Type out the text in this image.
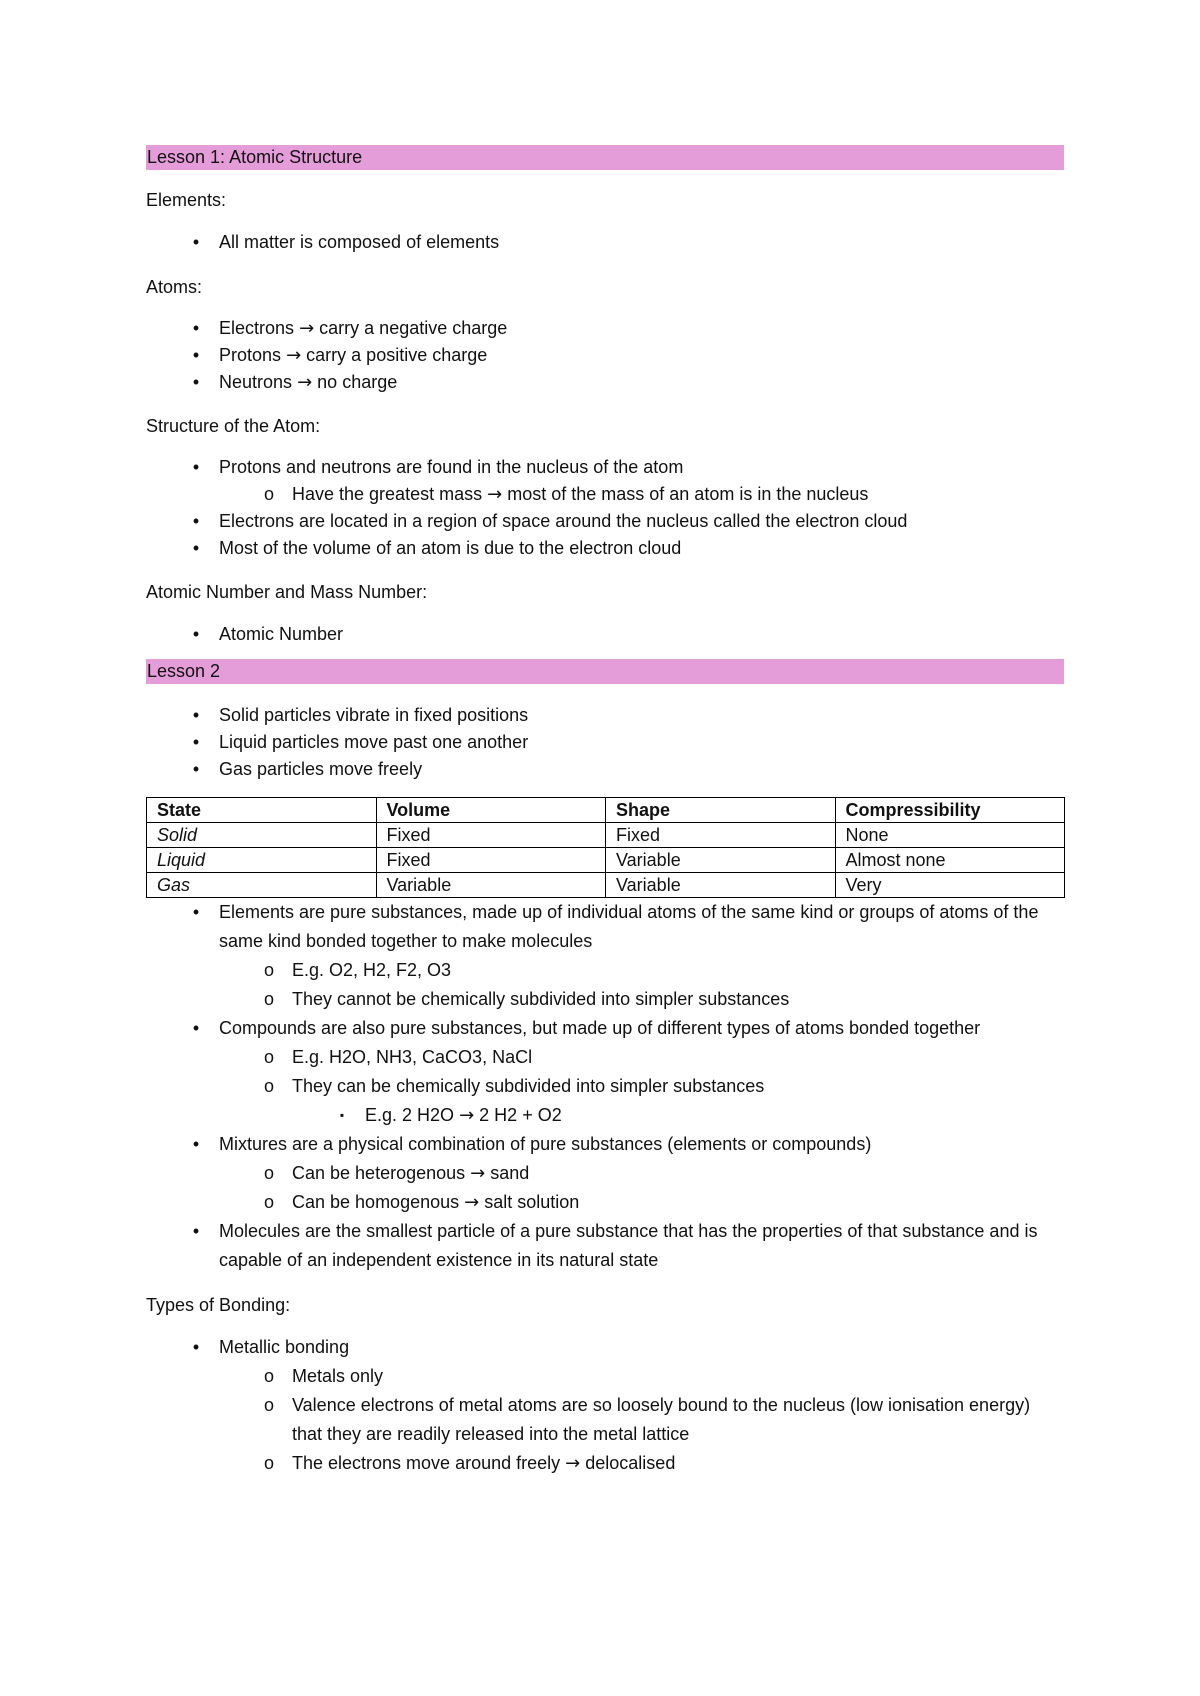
Lesson 1: Atomic Structure
Elements:
•	All matter is composed of elements
Atoms:
•	Electrons → carry a negative charge
•	Protons → carry a positive charge
•	Neutrons → no charge
Structure of the Atom:
•	Protons and neutrons are found in the nucleus of the atom
o Have the greatest mass → most of the mass of an atom is in the nucleus
•	Electrons are located in a region of space around the nucleus called the electron cloud
•	Most of the volume of an atom is due to the electron cloud
Atomic Number and Mass Number:
•	Atomic Number
Lesson 2
•	Solid particles vibrate in fixed positions
•	Liquid particles move past one another
•	Gas particles move freely
State	Volume	Shape	Compressibility
Solid	Fixed	Fixed	None
Liquid	Fixed	Variable	Almost none
Gas	Variable	Variable	Very
•	Elements are pure substances, made up of individual atoms of the same kind or groups of atoms of the same kind bonded together to make molecules
o E.g. O2, H2, F2, O3
o They cannot be chemically subdivided into simpler substances
•	Compounds are also pure substances, but made up of different types of atoms bonded together
o E.g. H2O, NH3, CaCO3, NaCl
o They can be chemically subdivided into simpler substances
▪	E.g. 2 H2O → 2 H2 + O2
•	Mixtures are a physical combination of pure substances (elements or compounds)
o Can be heterogenous → sand
o Can be homogenous → salt solution
•	Molecules are the smallest particle of a pure substance that has the properties of that substance and is capable of an independent existence in its natural state
Types of Bonding:
•	Metallic bonding
o Metals only
o Valence electrons of metal atoms are so loosely bound to the nucleus (low ionisation energy) that they are readily released into the metal lattice
o The electrons move around freely → delocalised
